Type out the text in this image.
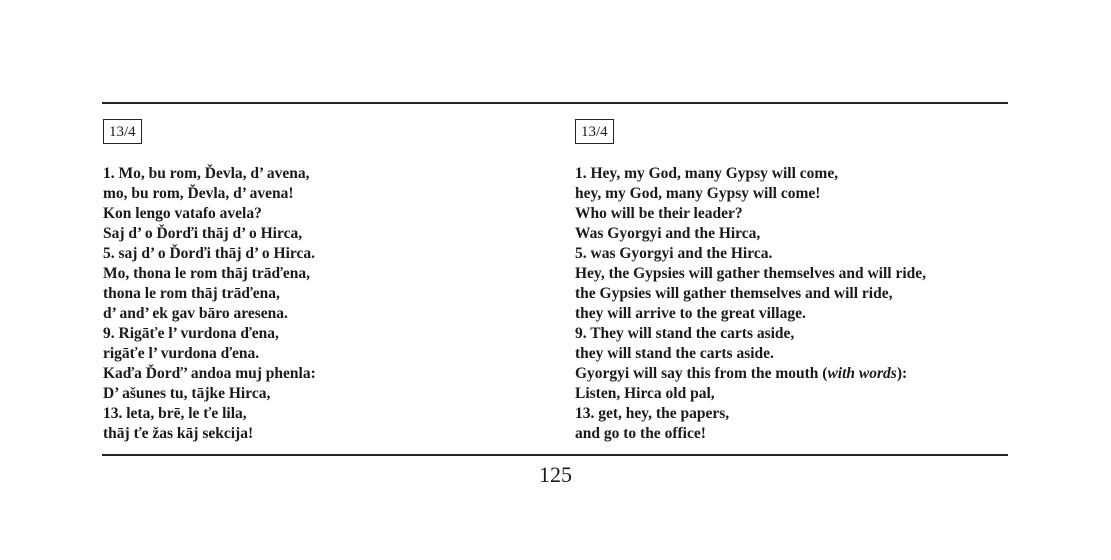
13/4
1. Mo, bu rom, Ďevla, d’ avena,
mo, bu rom, Ďevla, d’ avena!
Kon lengo vatafo avela?
Saj d’ o Ďorďi thāj d’ o Hirca,
5. saj d’ o Ďorďi thāj d’ o Hirca.
Mo, thona le rom thāj trāďena,
thona le rom thāj trāďena,
d’ and’ ek gav bāro aresena.
9. Rigāťe l’ vurdona ďena,
rigāťe l’ vurdona ďena.
Kaďa Ďorď’ andoa muj phenla:
D’ ašunes tu, tājke Hirca,
13. leta, brē, le ťe lila,
thāj ťe žas kāj sekcija!
13/4
1. Hey, my God, many Gypsy will come,
hey, my God, many Gypsy will come!
Who will be their leader?
Was Gyorgyi and the Hirca,
5. was Gyorgyi and the Hirca.
Hey, the Gypsies will gather themselves and will ride,
the Gypsies will gather themselves and will ride,
they will arrive to the great village.
9. They will stand the carts aside,
they will stand the carts aside.
Gyorgyi will say this from the mouth (with words):
Listen, Hirca old pal,
13. get, hey, the papers,
and go to the office!
125
